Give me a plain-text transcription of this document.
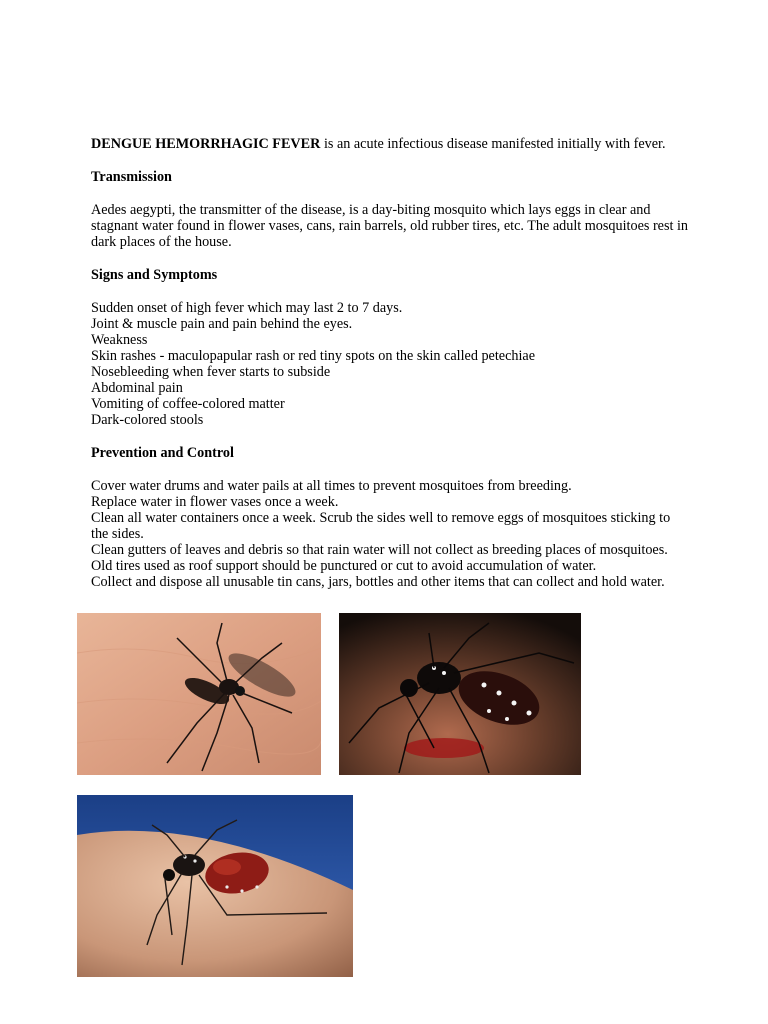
DENGUE HEMORRHAGIC FEVER is an acute infectious disease manifested initially with fever.

Transmission

Aedes aegypti, the transmitter of the disease, is a day-biting mosquito which lays eggs in clear and stagnant water found in flower vases, cans, rain barrels, old rubber tires, etc. The adult mosquitoes rest in dark places of the house.

Signs and Symptoms

Sudden onset of high fever which may last 2 to 7 days.
Joint & muscle pain and pain behind the eyes.
Weakness
Skin rashes - maculopapular rash or red tiny spots on the skin called petechiae
Nosebleeding when fever starts to subside
Abdominal pain
Vomiting of coffee-colored matter
Dark-colored stools

Prevention and Control

Cover water drums and water pails at all times to prevent mosquitoes from breeding.
Replace water in flower vases once a week.
Clean all water containers once a week. Scrub the sides well to remove eggs of mosquitoes sticking to the sides.
Clean gutters of leaves and debris so that rain water will not collect as breeding places of mosquitoes.
Old tires used as roof support should be punctured or cut to avoid accumulation of water.
Collect and dispose all unusable tin cans, jars, bottles and other items that can collect and hold water.
